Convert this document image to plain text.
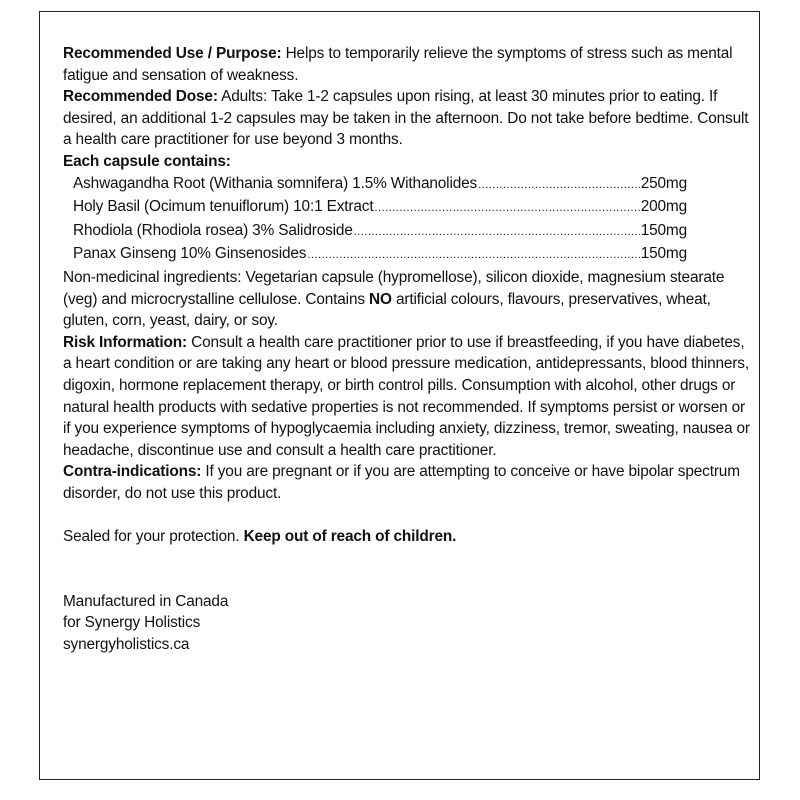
Recommended Use / Purpose: Helps to temporarily relieve the symptoms of stress such as mental fatigue and sensation of weakness.

Recommended Dose: Adults: Take 1-2 capsules upon rising, at least 30 minutes prior to eating. If desired, an additional 1-2 capsules may be taken in the afternoon. Do not take before bedtime. Consult a health care practitioner for use beyond 3 months.

Each capsule contains:

Ashwagandha Root (Withania somnifera) 1.5% Withanolides .....	250mg
Holy Basil (Ocimum tenuiflorum) 10:1 Extract .....	200mg
Rhodiola (Rhodiola rosea) 3% Salidroside .....	150mg
Panax Ginseng 10% Ginsenosides .....	150mg

Non-medicinal ingredients: Vegetarian capsule (hypromellose), silicon dioxide, magnesium stearate (veg) and microcrystalline cellulose. Contains NO artificial colours, flavours, preservatives, wheat, gluten, corn, yeast, dairy, or soy.

Risk Information: Consult a health care practitioner prior to use if breastfeeding, if you have diabetes, a heart condition or are taking any heart or blood pressure medication, antidepressants, blood thinners, digoxin, hormone replacement therapy, or birth control pills. Consumption with alcohol, other drugs or natural health products with sedative properties is not recommended. If symptoms persist or worsen or if you experience symptoms of hypoglycaemia including anxiety, dizziness, tremor, sweating, nausea or headache, discontinue use and consult a health care practitioner.

Contra-indications: If you are pregnant or if you are attempting to conceive or have bipolar spectrum disorder, do not use this product.

Sealed for your protection. Keep out of reach of children.

Manufactured in Canada

for Synergy Holistics

synergyholistics.ca
